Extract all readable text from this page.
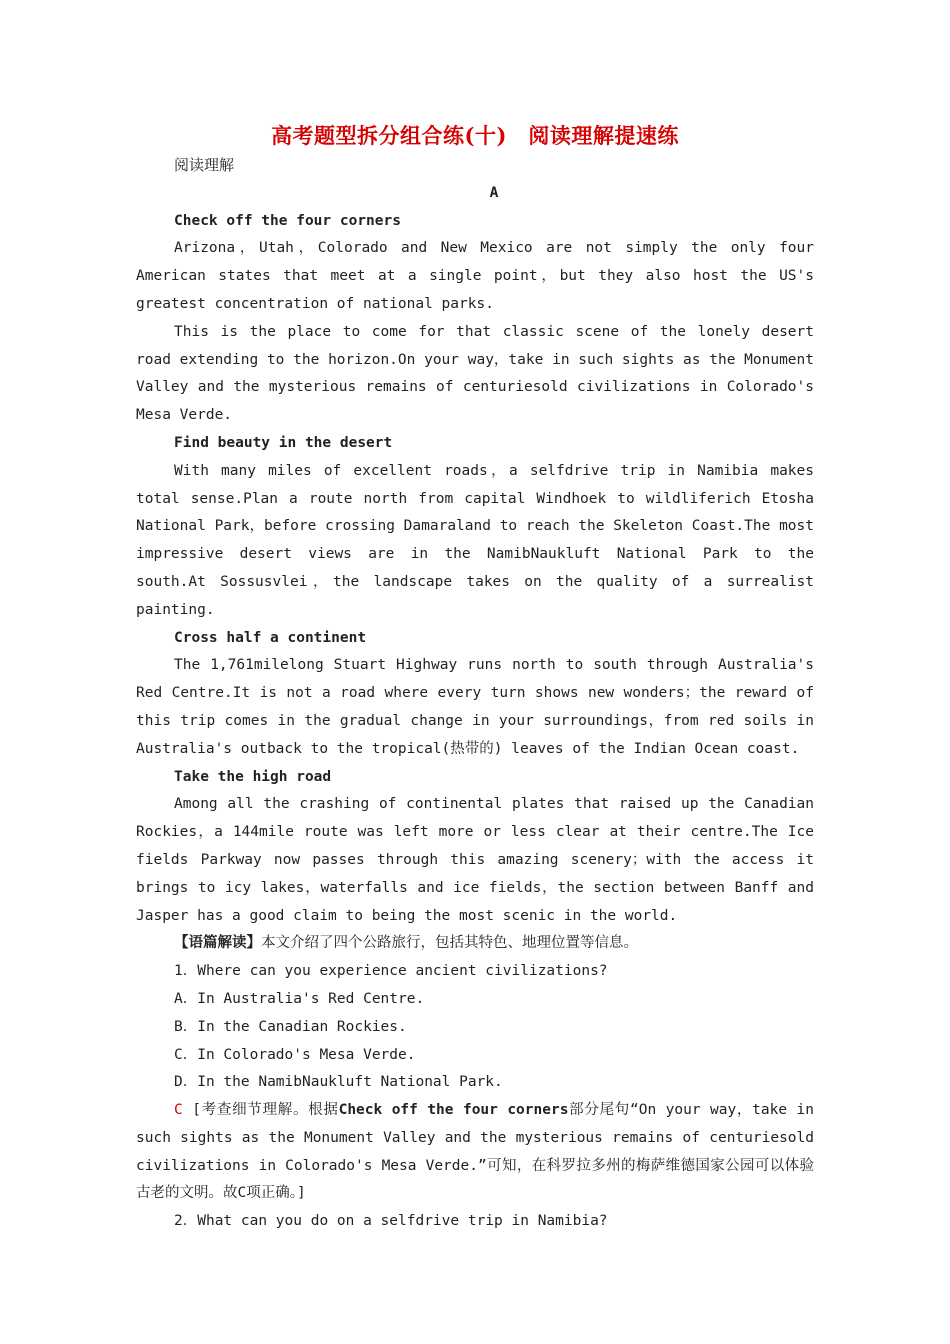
高考题型拆分组合练(十)　阅读理解提速练

阅读理解

A

Check off the four corners

Arizona，Utah，Colorado and New Mexico are not simply the only four American states that meet at a single point，but they also host the US's greatest concentration of national parks.

This is the place to come for that classic scene of the lonely desert road extending to the horizon.On your way，take in such sights as the Monument Valley and the mysterious remains of centuriesold civilizations in Colorado's Mesa Verde.

Find beauty in the desert

With many miles of excellent roads，a selfdrive trip in Namibia makes total sense.Plan a route north from capital Windhoek to wildliferich Etosha National Park，before crossing Damaraland to reach the Skeleton Coast.The most impressive desert views are in the NamibNaukluft National Park to the south.At Sossusvlei，the landscape takes on the quality of a surrealist painting.

Cross half a continent

The 1,761milelong Stuart Highway runs north to south through Australia's Red Centre.It is not a road where every turn shows new wonders；the reward of this trip comes in the gradual change in your surroundings，from red soils in Australia's outback to the tropical(热带的) leaves of the Indian Ocean coast.

Take the high road

Among all the crashing of continental plates that raised up the Canadian Rockies，a 144mile route was left more or less clear at their centre.The Ice fields Parkway now passes through this amazing scenery；with the access it brings to icy lakes，waterfalls and ice fields，the section between Banff and Jasper has a good claim to being the most scenic in the world.

【语篇解读】本文介绍了四个公路旅行，包括其特色、地理位置等信息。

1．Where can you experience ancient civilizations?

A．In Australia's Red Centre.

B．In the Canadian Rockies.

C．In Colorado's Mesa Verde.

D．In the NamibNaukluft National Park.

C [考查细节理解。根据Check off the four corners部分尾句“On your way，take in such sights as the Monument Valley and the mysterious remains of centuriesold civilizations in Colorado's Mesa Verde.”可知，在科罗拉多州的梅萨维德国家公园可以体验古老的文明。故C项正确。]

2．What can you do on a selfdrive trip in Namibia?
